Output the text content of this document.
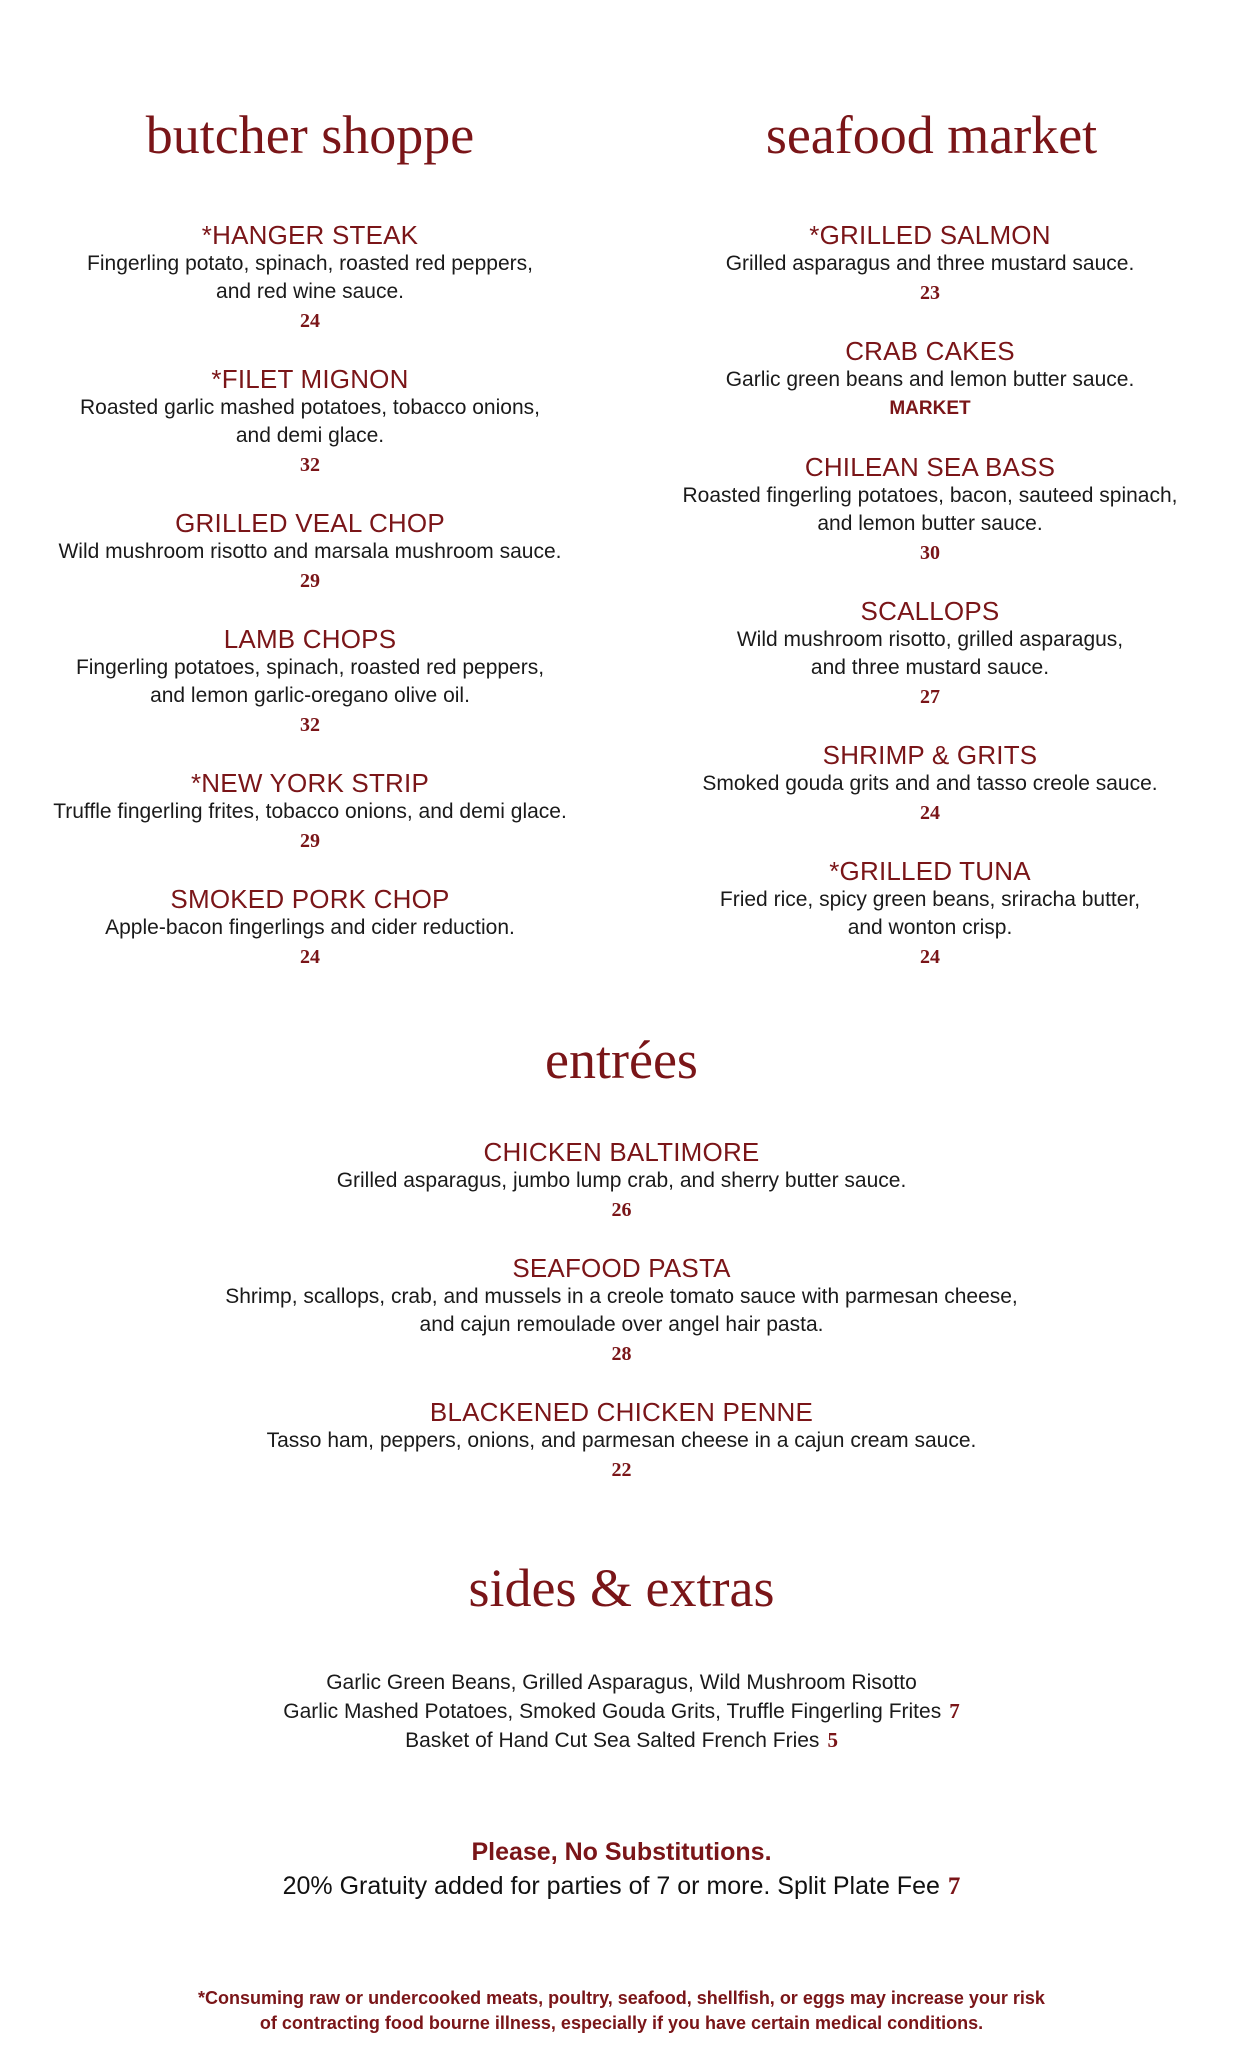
butcher shoppe
*HANGER STEAK
Fingerling potato, spinach, roasted red peppers,
and red wine sauce.
24
*FILET MIGNON
Roasted garlic mashed potatoes, tobacco onions,
and demi glace.
32
GRILLED VEAL CHOP
Wild mushroom risotto and marsala mushroom sauce.
29
LAMB CHOPS
Fingerling potatoes, spinach, roasted red peppers,
and lemon garlic-oregano olive oil.
32
*NEW YORK STRIP
Truffle fingerling frites, tobacco onions, and demi glace.
29
SMOKED PORK CHOP
Apple-bacon fingerlings and cider reduction.
24
seafood market
*GRILLED SALMON
Grilled asparagus and three mustard sauce.
23
CRAB CAKES
Garlic green beans and lemon butter sauce.
MARKET
CHILEAN SEA BASS
Roasted fingerling potatoes, bacon, sauteed spinach,
and lemon butter sauce.
30
SCALLOPS
Wild mushroom risotto, grilled asparagus,
and three mustard sauce.
27
SHRIMP & GRITS
Smoked gouda grits and and tasso creole sauce.
24
*GRILLED TUNA
Fried rice, spicy green beans, sriracha butter,
and wonton crisp.
24
entrées
CHICKEN BALTIMORE
Grilled asparagus, jumbo lump crab, and sherry butter sauce.
26
SEAFOOD PASTA
Shrimp, scallops, crab, and mussels in a creole tomato sauce with parmesan cheese,
and cajun remoulade over angel hair pasta.
28
BLACKENED CHICKEN PENNE
Tasso ham, peppers, onions, and parmesan cheese in a cajun cream sauce.
22
sides & extras
Garlic Green Beans, Grilled Asparagus, Wild Mushroom Risotto
Garlic Mashed Potatoes, Smoked Gouda Grits, Truffle Fingerling Frites 7
Basket of Hand Cut Sea Salted French Fries 5
Please, No Substitutions.
20% Gratuity added for parties of 7 or more. Split Plate Fee 7
*Consuming raw or undercooked meats, poultry, seafood, shellfish, or eggs may increase your risk
of contracting food bourne illness, especially if you have certain medical conditions.
